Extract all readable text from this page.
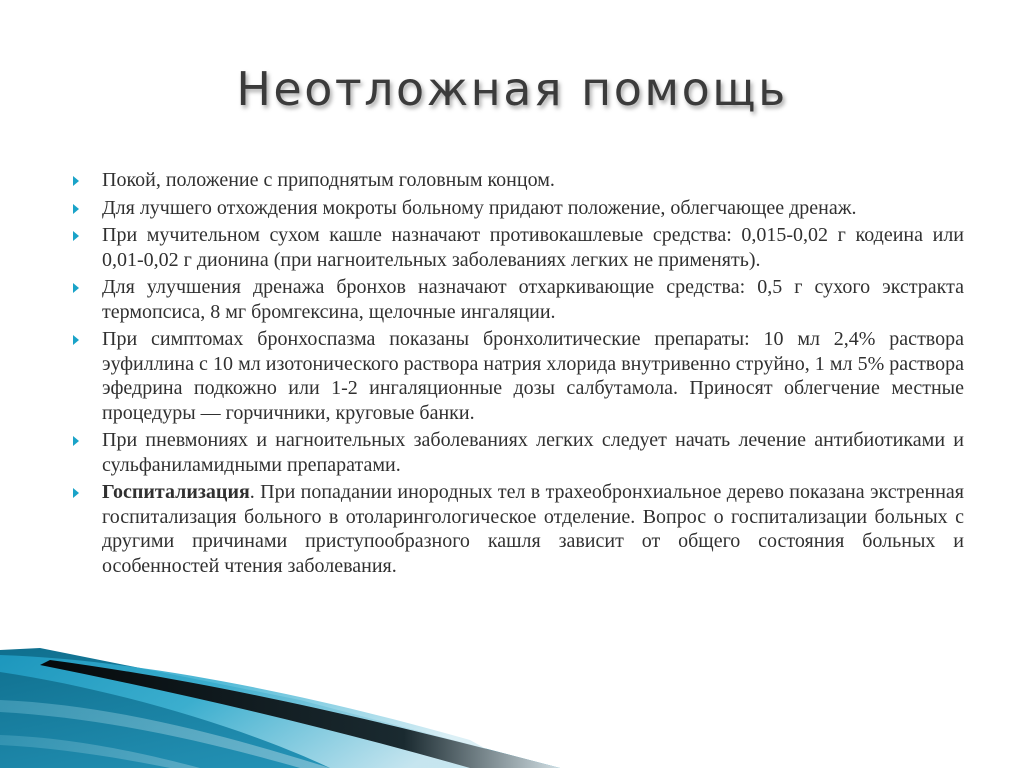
Неотложная помощь
Покой, положение с приподнятым головным концом.
Для лучшего отхождения мокроты больному придают положение, облегчающее дренаж.
При мучительном сухом кашле назначают противокашлевые средства: 0,015-0,02 г кодеина или 0,01-0,02 г дионина (при нагноительных заболеваниях легких не применять).
Для улучшения дренажа бронхов назначают отхаркивающие средства: 0,5 г сухого экстракта термопсиса, 8 мг бромгексина, щелочные ингаляции.
При симптомах бронхоспазма показаны бронхолитические препараты: 10 мл 2,4% раствора эуфиллина с 10 мл изотонического раствора натрия хлорида внутривенно струйно, 1 мл 5% раствора эфедрина подкожно или 1-2 ингаляционные дозы салбутамола. Приносят облегчение местные процедуры — горчичники, круговые банки.
При пневмониях и нагноительных заболеваниях легких следует начать лечение антибиотиками и сульфаниламидными препаратами.
Госпитализация. При попадании инородных тел в трахеобронхиальное дерево показана экстренная госпитализация больного в отоларингологическое отделение. Вопрос о госпитализации больных с другими причинами приступообразного кашля зависит от общего состояния больных и особенностей чтения заболевания.
